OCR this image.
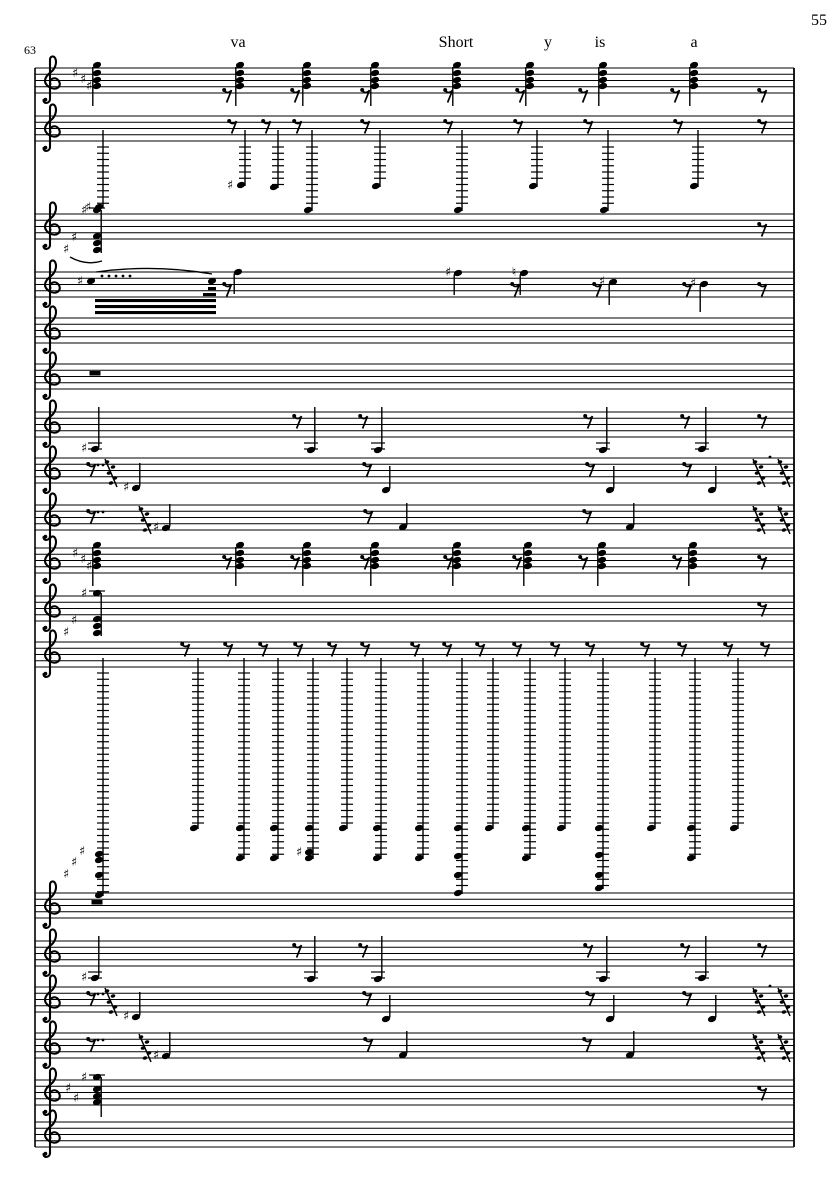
55
63	va	Short	y	is	a
♯ ♯ ♯
♯
♯
♯
♯
♯
♯
♯	♮
♯	♯
♯
♯
♯
♯ ♯ ♯
♯
♯
♯
♯
♯
♯
♯
♯
♯
♯
♯
♯
♯
